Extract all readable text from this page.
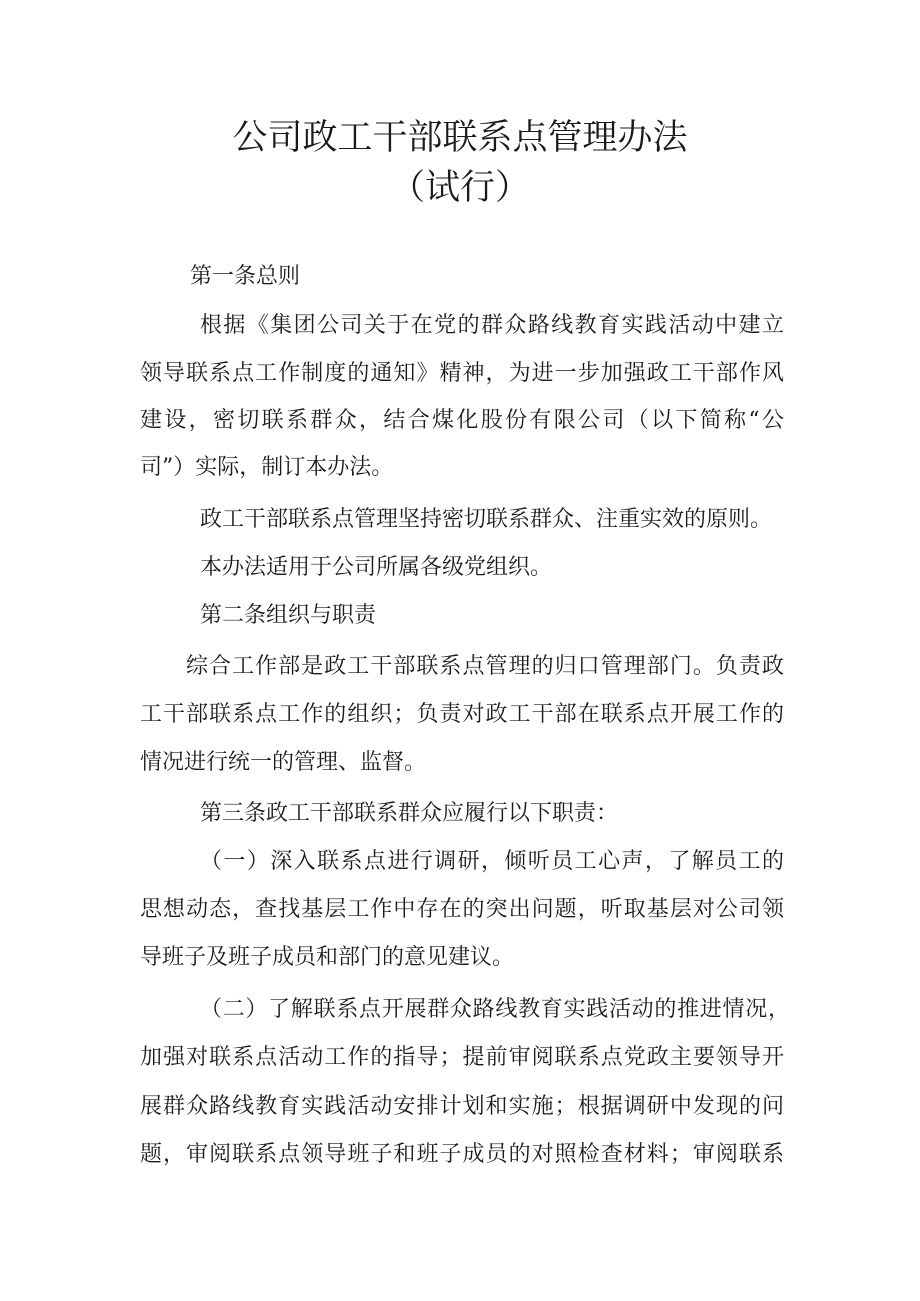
公司政工干部联系点管理办法
（试行）

第一条总则

根据《集团公司关于在党的群众路线教育实践活动中建立

领导联系点工作制度的通知》精神，为进一步加强政工干部作风

建设，密切联系群众，结合煤化股份有限公司（以下简称“公

司”）实际，制订本办法。

政工干部联系点管理坚持密切联系群众、注重实效的原则。

本办法适用于公司所属各级党组织。

第二条组织与职责

综合工作部是政工干部联系点管理的归口管理部门。负责政

工干部联系点工作的组织；负责对政工干部在联系点开展工作的

情况进行统一的管理、监督。

第三条政工干部联系群众应履行以下职责：

（一）深入联系点进行调研，倾听员工心声，了解员工的

思想动态，查找基层工作中存在的突出问题，听取基层对公司领

导班子及班子成员和部门的意见建议。

（二）了解联系点开展群众路线教育实践活动的推进情况，

加强对联系点活动工作的指导；提前审阅联系点党政主要领导开

展群众路线教育实践活动安排计划和实施；根据调研中发现的问

题，审阅联系点领导班子和班子成员的对照检查材料；审阅联系
